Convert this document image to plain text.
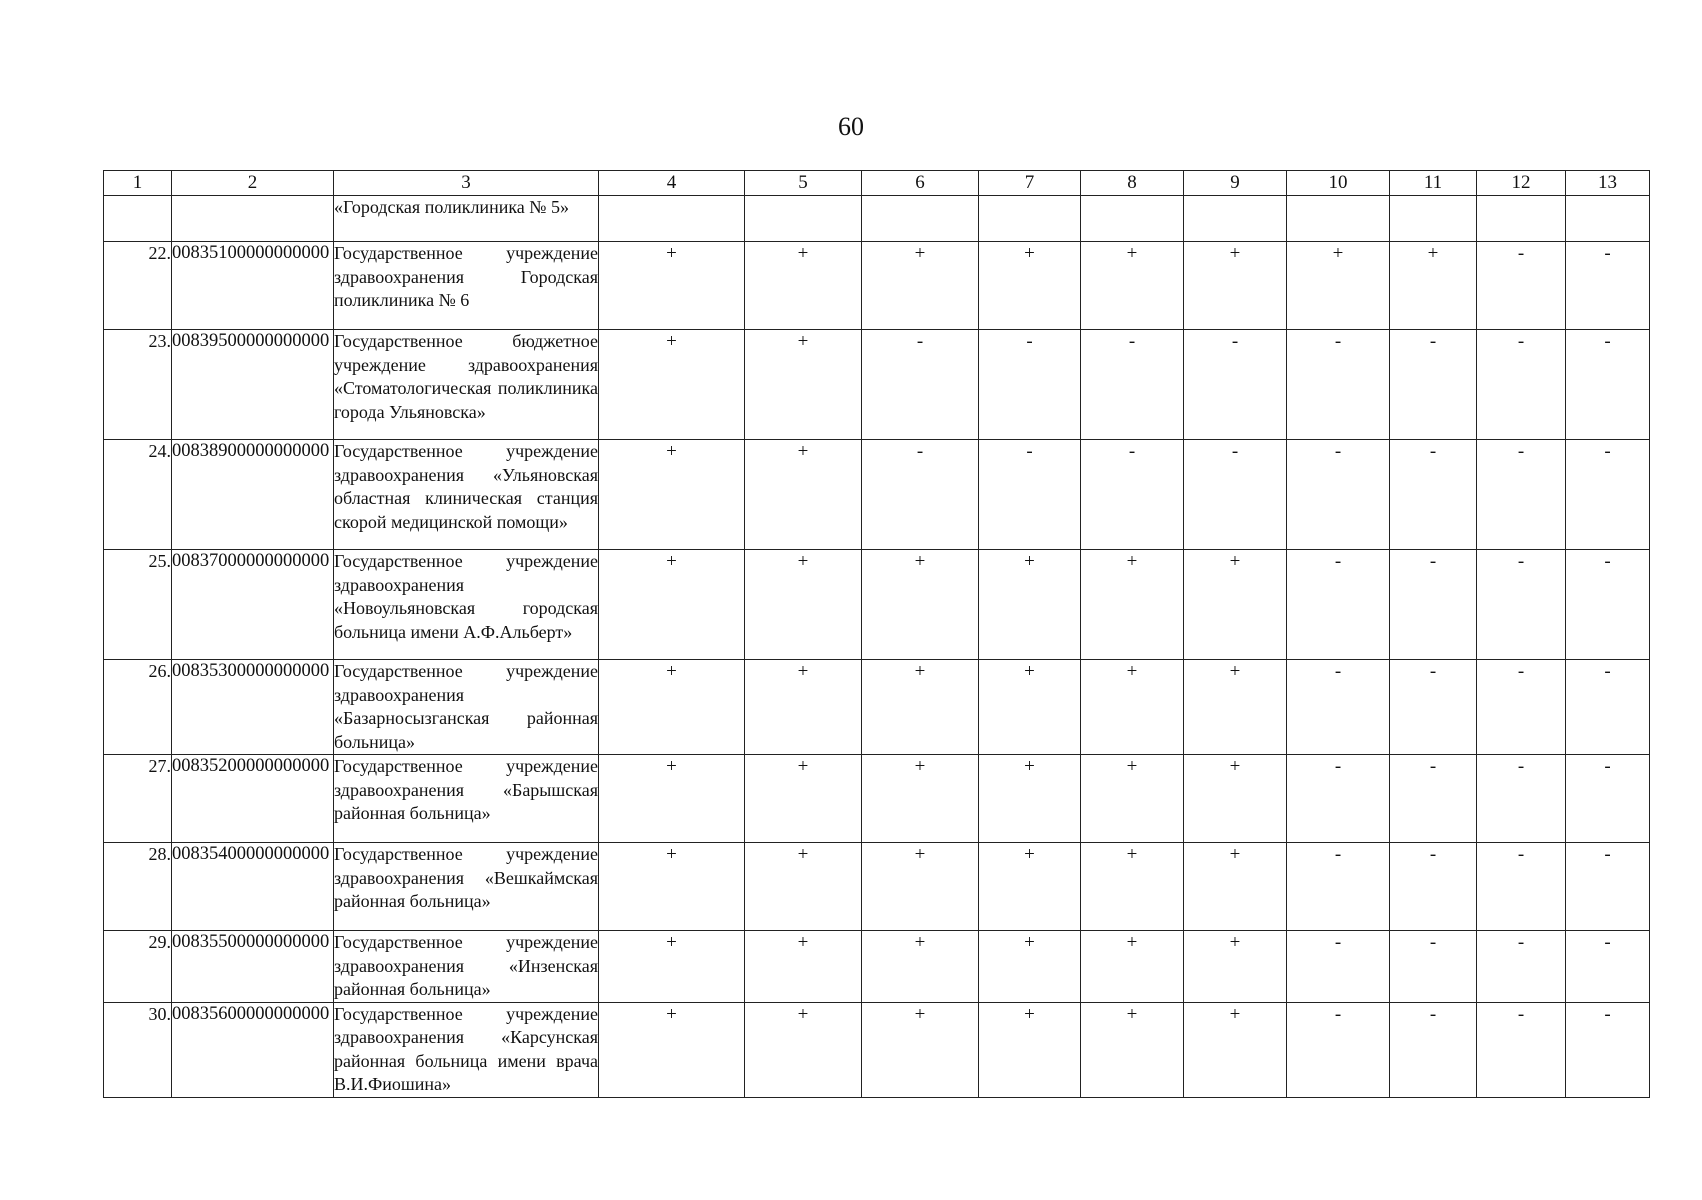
60
1	2	3	4	5	6	7	8	9	10	11	12	13
		«Городская поликлиника № 5»										
22.	00835100000000000	Государственное учреждение здравоохранения Городская поликлиника № 6	+	+	+	+	+	+	+	+	-	-
23.	00839500000000000	Государственное бюджетное учреждение здравоохранения «Стоматологическая поликлиника города Ульяновска»	+	+	-	-	-	-	-	-	-	-
24.	00838900000000000	Государственное учреждение здравоохранения «Ульяновская областная клиническая станция скорой медицинской помощи»	+	+	-	-	-	-	-	-	-	-
25.	00837000000000000	Государственное учреждение здравоохранения «Новоульяновская городская больница имени А.Ф.Альберт»	+	+	+	+	+	+	-	-	-	-
26.	00835300000000000	Государственное учреждение здравоохранения «Базарносызганская районная больница»	+	+	+	+	+	+	-	-	-	-
27.	00835200000000000	Государственное учреждение здравоохранения «Барышская районная больница»	+	+	+	+	+	+	-	-	-	-
28.	00835400000000000	Государственное учреждение здравоохранения «Вешкаймская районная больница»	+	+	+	+	+	+	-	-	-	-
29.	00835500000000000	Государственное учреждение здравоохранения «Инзенская районная больница»	+	+	+	+	+	+	-	-	-	-
30.	00835600000000000	Государственное учреждение здравоохранения «Карсунская районная больница имени врача В.И.Фиошина»	+	+	+	+	+	+	-	-	-	-
